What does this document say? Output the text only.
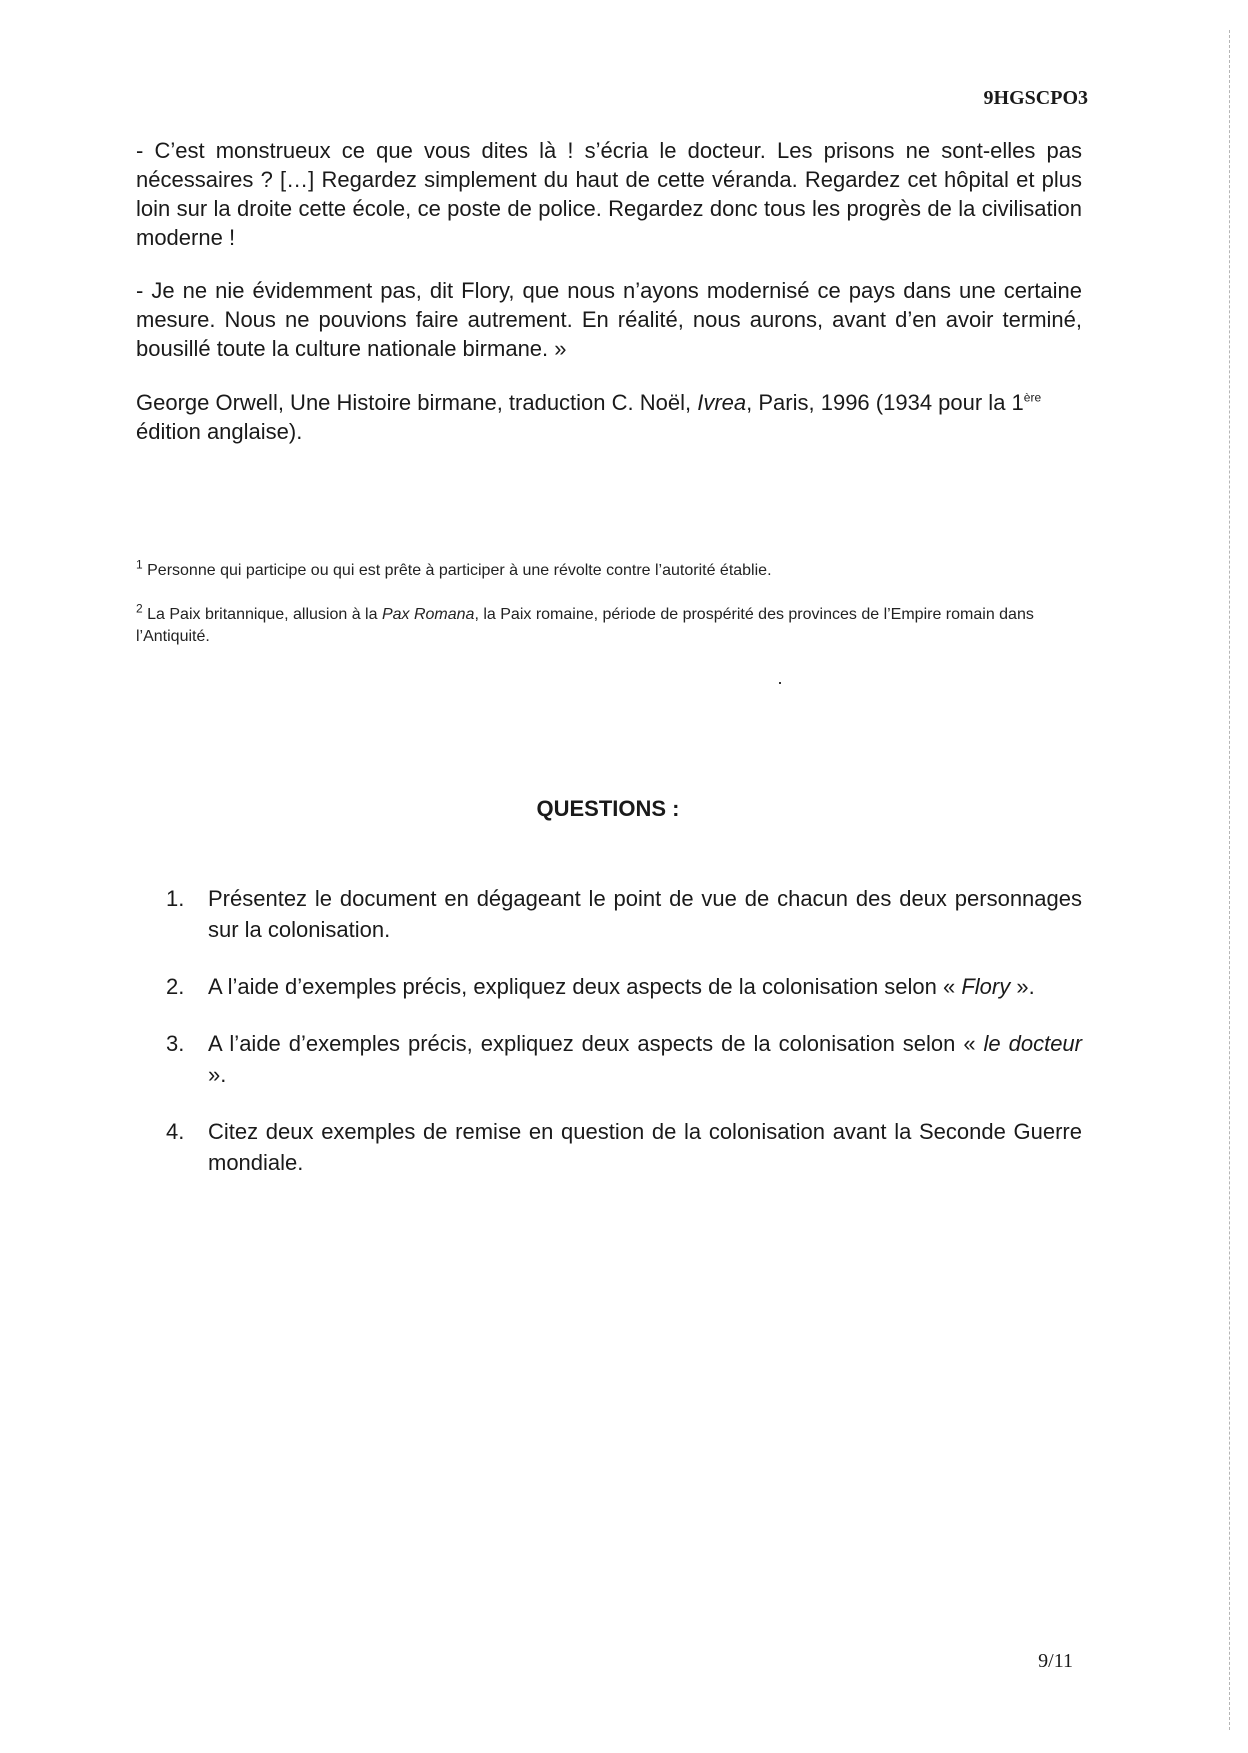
9HGSCPO3

- C’est monstrueux ce que vous dites là ! s’écria le docteur. Les prisons ne sont-elles pas nécessaires ? […] Regardez simplement du haut de cette véranda. Regardez cet hôpital et plus loin sur la droite cette école, ce poste de police. Regardez donc tous les progrès de la civilisation moderne !

- Je ne nie évidemment pas, dit Flory, que nous n’ayons modernisé ce pays dans une certaine mesure. Nous ne pouvions faire autrement. En réalité, nous aurons, avant d’en avoir terminé, bousillé toute la culture nationale birmane. »

George Orwell, Une Histoire birmane, traduction C. Noël, Ivrea, Paris, 1996 (1934 pour la 1ère édition anglaise).

$^1$ Personne qui participe ou qui est prête à participer à une révolte contre l’autorité établie.

$^2$ La Paix britannique, allusion à la Pax Romana, la Paix romaine, période de prospérité des provinces de l’Empire romain dans l’Antiquité.

QUESTIONS :
1. Présentez le document en dégageant le point de vue de chacun des deux personnages sur la colonisation.
2. A l’aide d’exemples précis, expliquez deux aspects de la colonisation selon « Flory ».
3. A l’aide d’exemples précis, expliquez deux aspects de la colonisation selon « le docteur ».
4. Citez deux exemples de remise en question de la colonisation avant la Seconde Guerre mondiale.
9/11
